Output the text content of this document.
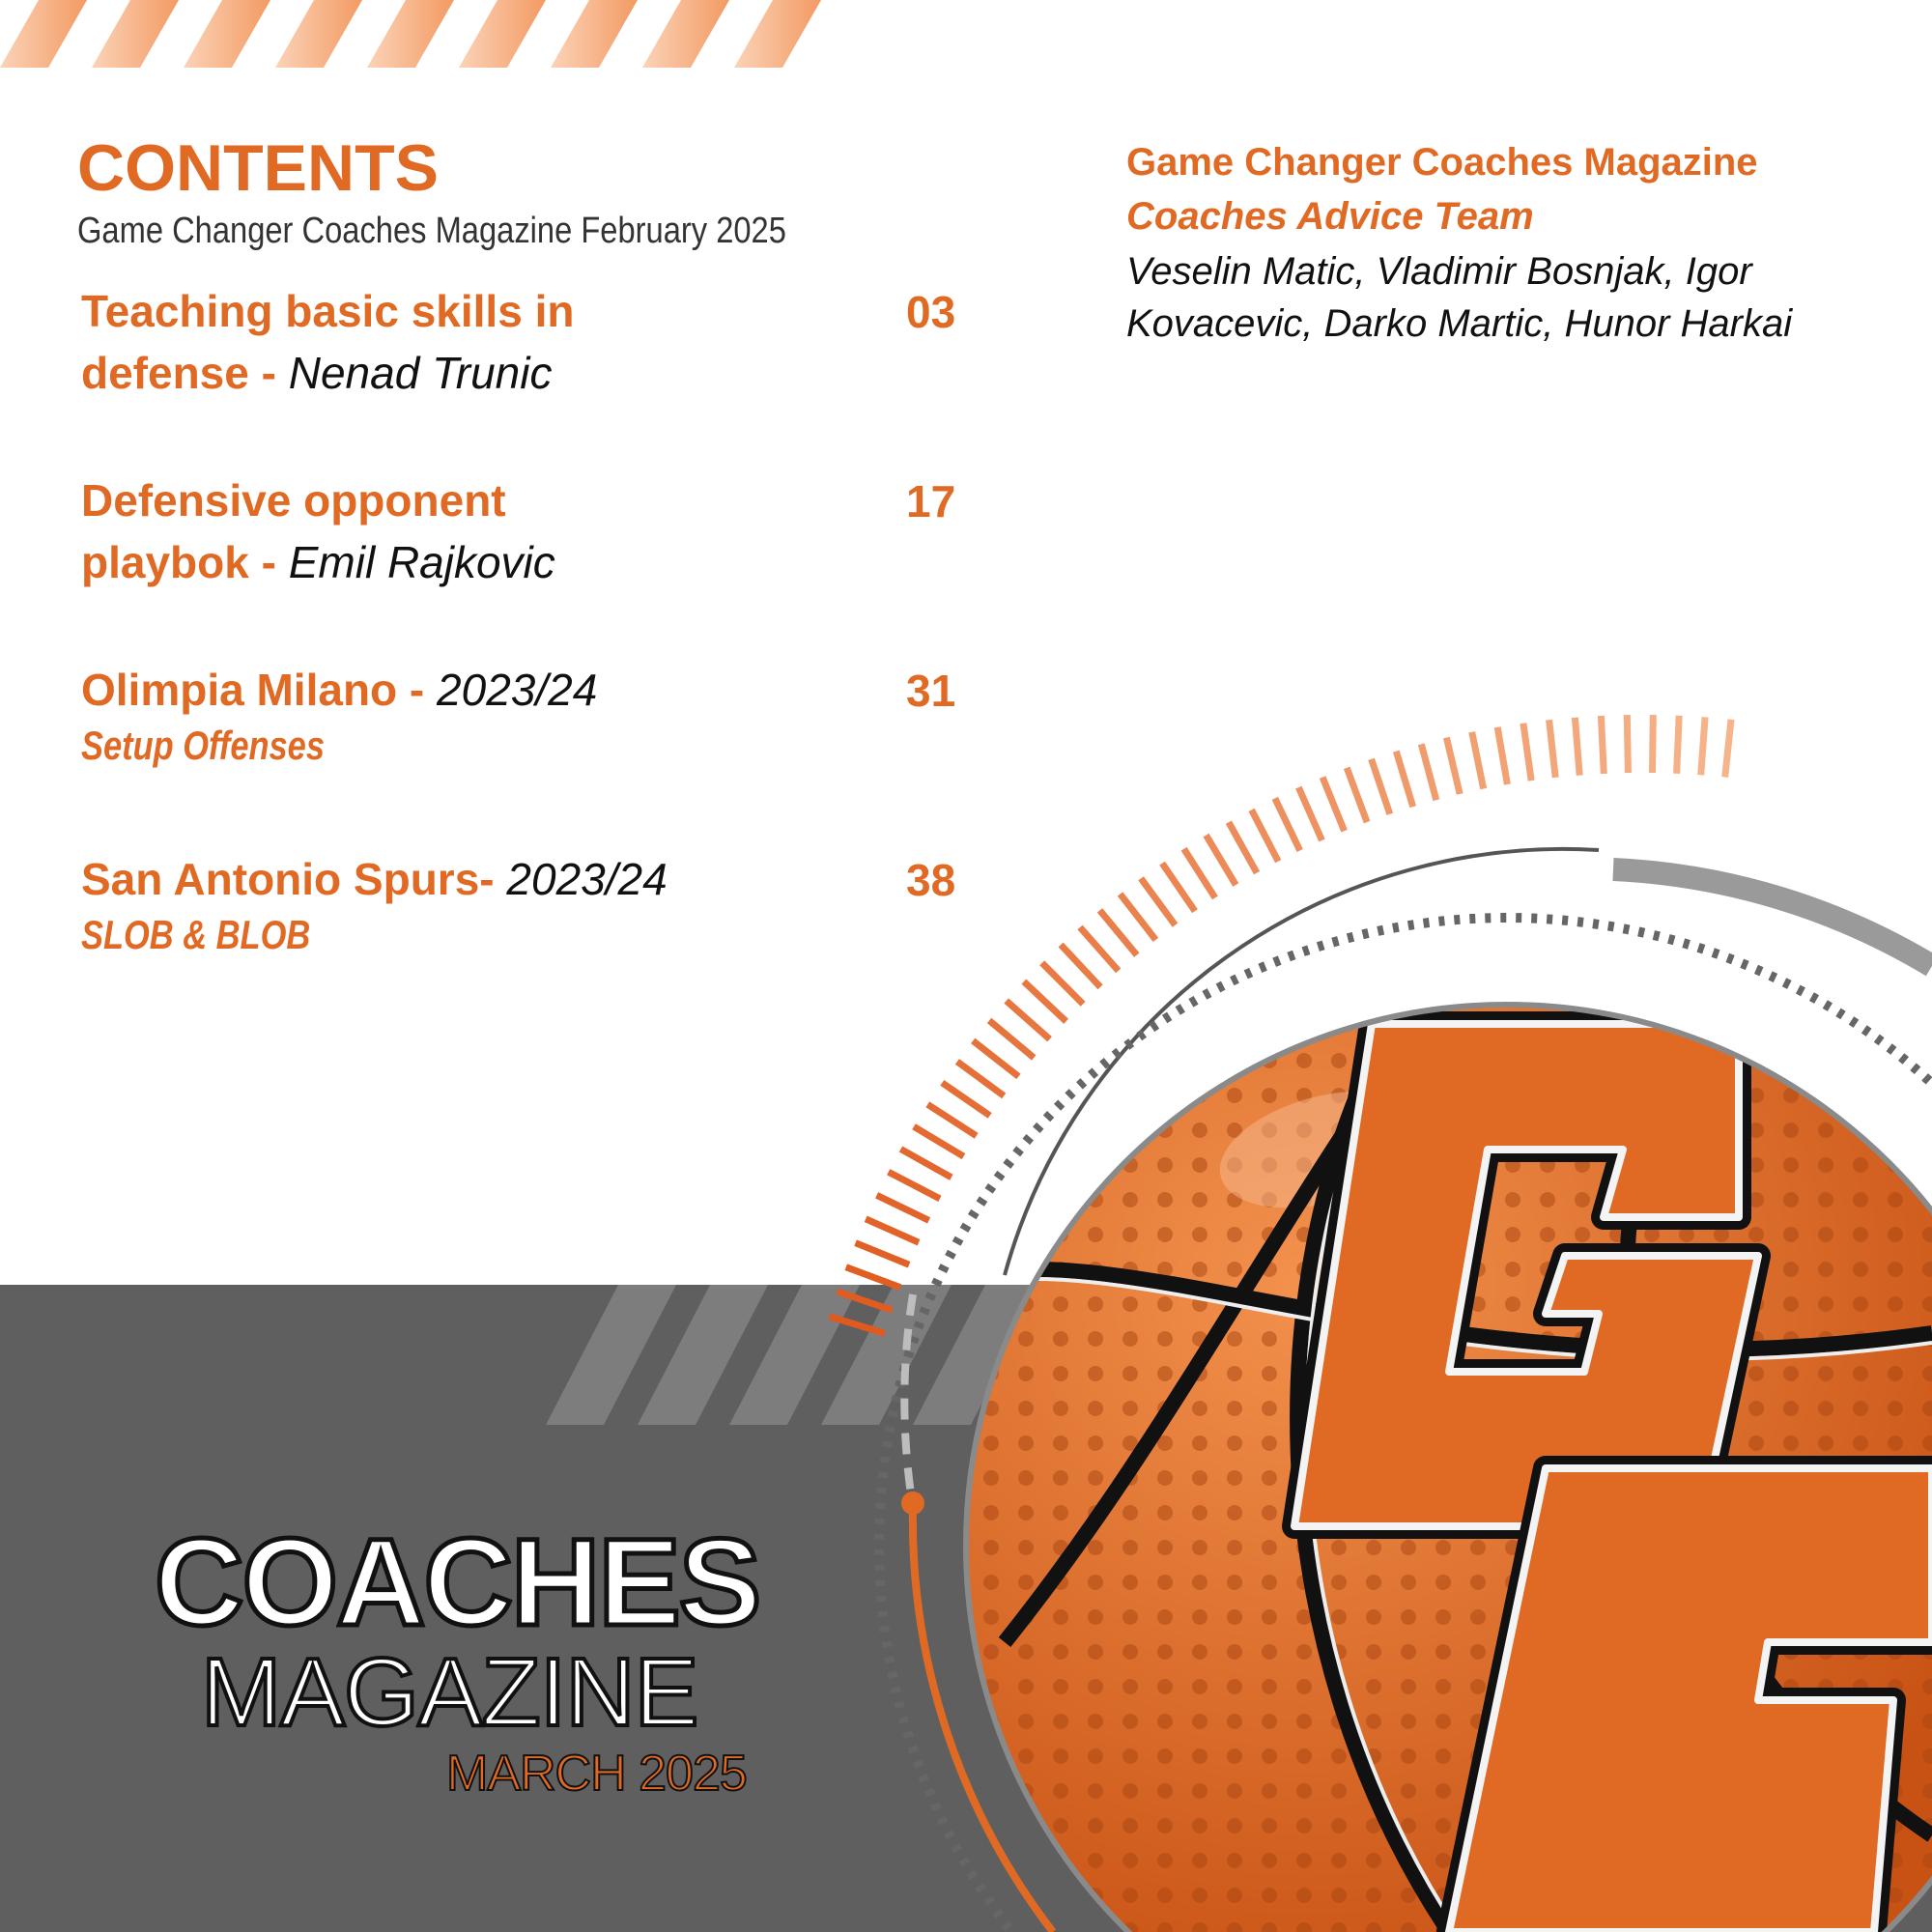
CONTENTS
Game Changer Coaches Magazine February 2025
Teaching basic skills in
defense - Nenad Trunic
03
Defensive opponent
playbok - Emil Rajkovic
17
Olimpia Milano - 2023/24
Setup Offenses
31
San Antonio Spurs- 2023/24
SLOB & BLOB
38
Game Changer Coaches Magazine
Coaches Advice Team
Veselin Matic, Vladimir Bosnjak, Igor Kovacevic, Darko Martic, Hunor Harkai
COACHES
MAGAZINE
MARCH 2025
